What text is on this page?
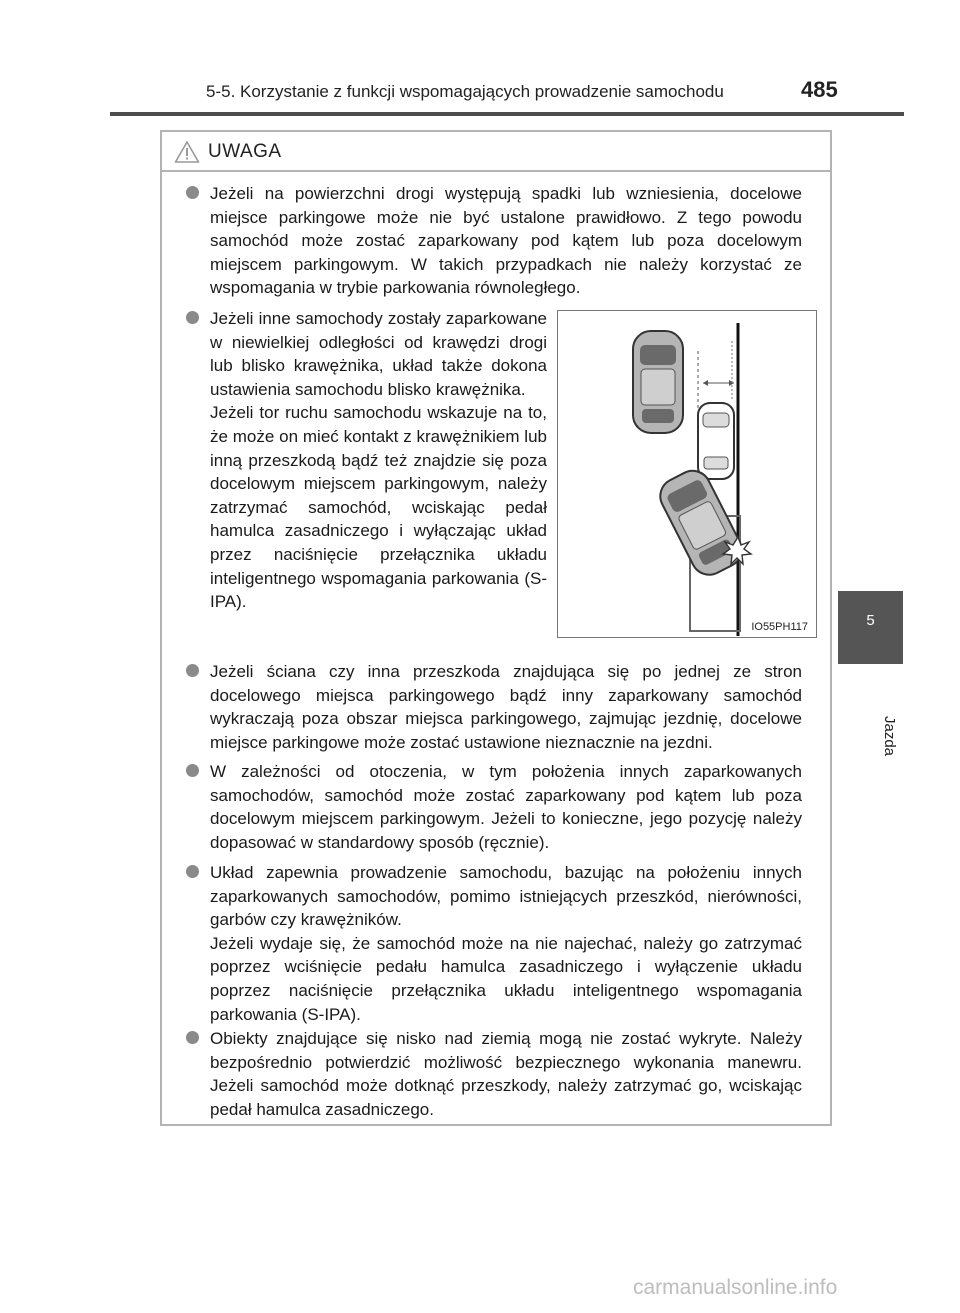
5-5. Korzystanie z funkcji wspomagających prowadzenie samochodu	485
5
Jazda
UWAGA

Jeżeli na powierzchni drogi występują spadki lub wzniesienia, docelowe miejsce parkingowe może nie być ustalone prawidłowo. Z tego powodu samochód może zostać zaparkowany pod kątem lub poza docelowym miejscem parkingowym. W takich przypadkach nie należy korzystać ze wspomagania w trybie parkowania równoległego.

Jeżeli inne samochody zostały zaparkowane w niewielkiej odległości od krawędzi drogi lub blisko krawężnika, układ także dokona ustawienia samochodu blisko krawężnika.

Jeżeli tor ruchu samochodu wskazuje na to, że może on mieć kontakt z krawężnikiem lub inną przeszkodą bądź też znajdzie się poza docelowym miejscem parkingowym, należy zatrzymać samochód, wciskając pedał hamulca zasadniczego i wyłączając układ przez naciśnięcie przełącznika układu inteligentnego wspomagania parkowania (S-IPA).

IO55PH117

Jeżeli ściana czy inna przeszkoda znajdująca się po jednej ze stron docelowego miejsca parkingowego bądź inny zaparkowany samochód wykraczają poza obszar miejsca parkingowego, zajmując jezdnię, docelowe miejsce parkingowe może zostać ustawione nieznacznie na jezdni.

W zależności od otoczenia, w tym położenia innych zaparkowanych samochodów, samochód może zostać zaparkowany pod kątem lub poza docelowym miejscem parkingowym. Jeżeli to konieczne, jego pozycję należy dopasować w standardowy sposób (ręcznie).

Układ zapewnia prowadzenie samochodu, bazując na położeniu innych zaparkowanych samochodów, pomimo istniejących przeszkód, nierówności, garbów czy krawężników.

Jeżeli wydaje się, że samochód może na nie najechać, należy go zatrzymać poprzez wciśnięcie pedału hamulca zasadniczego i wyłączenie układu poprzez naciśnięcie przełącznika układu inteligentnego wspomagania parkowania (S-IPA).

Obiekty znajdujące się nisko nad ziemią mogą nie zostać wykryte. Należy bezpośrednio potwierdzić możliwość bezpiecznego wykonania manewru. Jeżeli samochód może dotknąć przeszkody, należy zatrzymać go, wciskając pedał hamulca zasadniczego.

carmanualsonline.info
